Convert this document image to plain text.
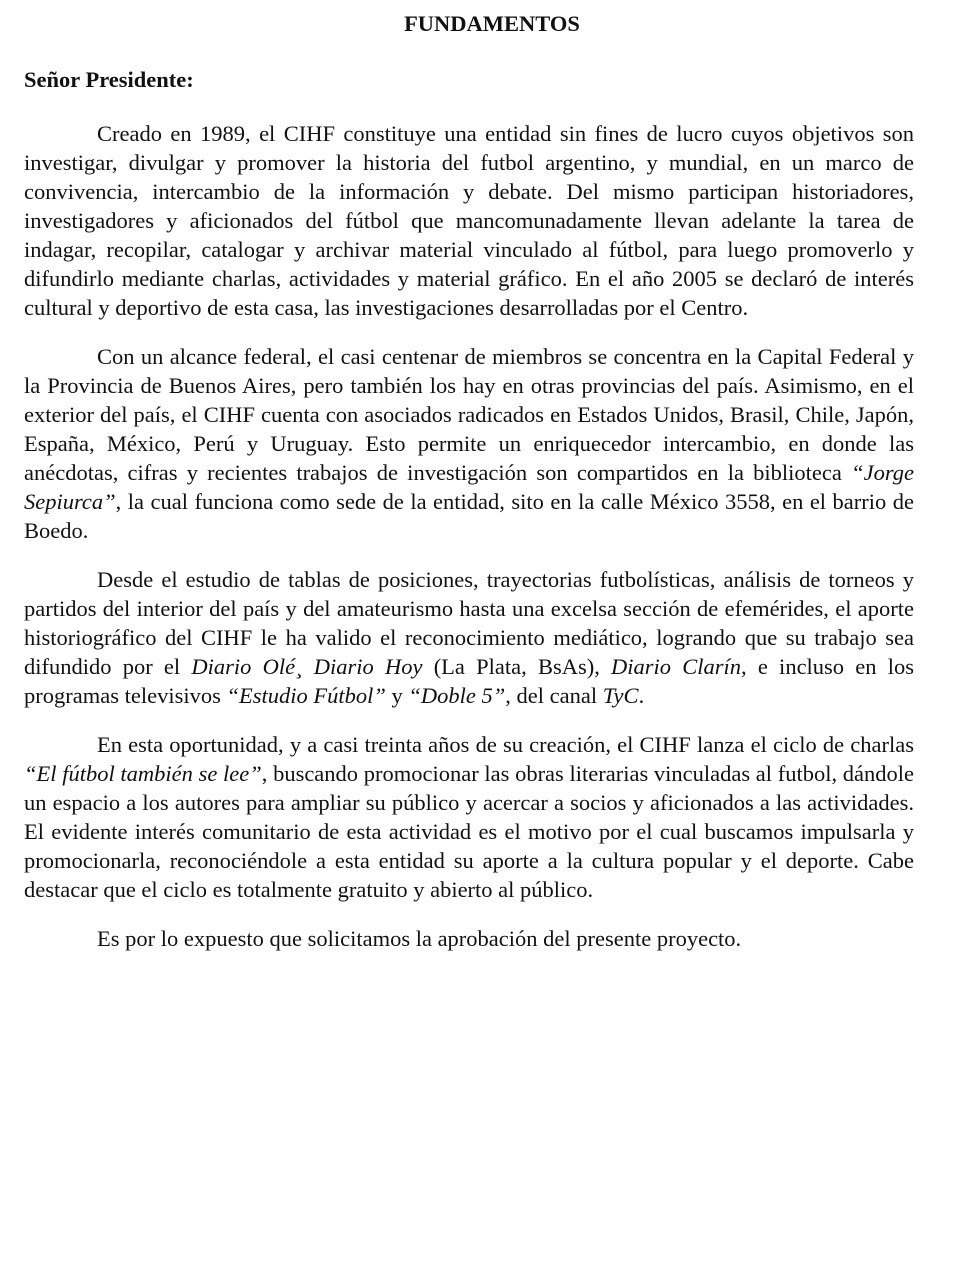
FUNDAMENTOS

Señor Presidente:

Creado en 1989, el CIHF constituye una entidad sin fines de lucro cuyos objetivos son investigar, divulgar y promover la historia del futbol argentino, y mundial, en un marco de convivencia, intercambio de la información y debate. Del mismo participan historiadores, investigadores y aficionados del fútbol que mancomunadamente llevan adelante la tarea de indagar, recopilar, catalogar y archivar material vinculado al fútbol, para luego promoverlo y difundirlo mediante charlas, actividades y material gráfico. En el año 2005 se declaró de interés cultural y deportivo de esta casa, las investigaciones desarrolladas por el Centro.

Con un alcance federal, el casi centenar de miembros se concentra en la Capital Federal y la Provincia de Buenos Aires, pero también los hay en otras provincias del país. Asimismo, en el exterior del país, el CIHF cuenta con asociados radicados en Estados Unidos, Brasil, Chile, Japón, España, México, Perú y Uruguay. Esto permite un enriquecedor intercambio, en donde las anécdotas, cifras y recientes trabajos de investigación son compartidos en la biblioteca “Jorge Sepiurca”, la cual funciona como sede de la entidad, sito en la calle México 3558, en el barrio de Boedo.

Desde el estudio de tablas de posiciones, trayectorias futbolísticas, análisis de torneos y partidos del interior del país y del amateurismo hasta una excelsa sección de efemérides, el aporte historiográfico del CIHF le ha valido el reconocimiento mediático, logrando que su trabajo sea difundido por el Diario Olé¸ Diario Hoy (La Plata, BsAs), Diario Clarín, e incluso en los programas televisivos “Estudio Fútbol” y “Doble 5”, del canal TyC.

En esta oportunidad, y a casi treinta años de su creación, el CIHF lanza el ciclo de charlas “El fútbol también se lee”, buscando promocionar las obras literarias vinculadas al futbol, dándole un espacio a los autores para ampliar su público y acercar a socios y aficionados a las actividades. El evidente interés comunitario de esta actividad es el motivo por el cual buscamos impulsarla y promocionarla, reconociéndole a esta entidad su aporte a la cultura popular y el deporte. Cabe destacar que el ciclo es totalmente gratuito y abierto al público.

Es por lo expuesto que solicitamos la aprobación del presente proyecto.
